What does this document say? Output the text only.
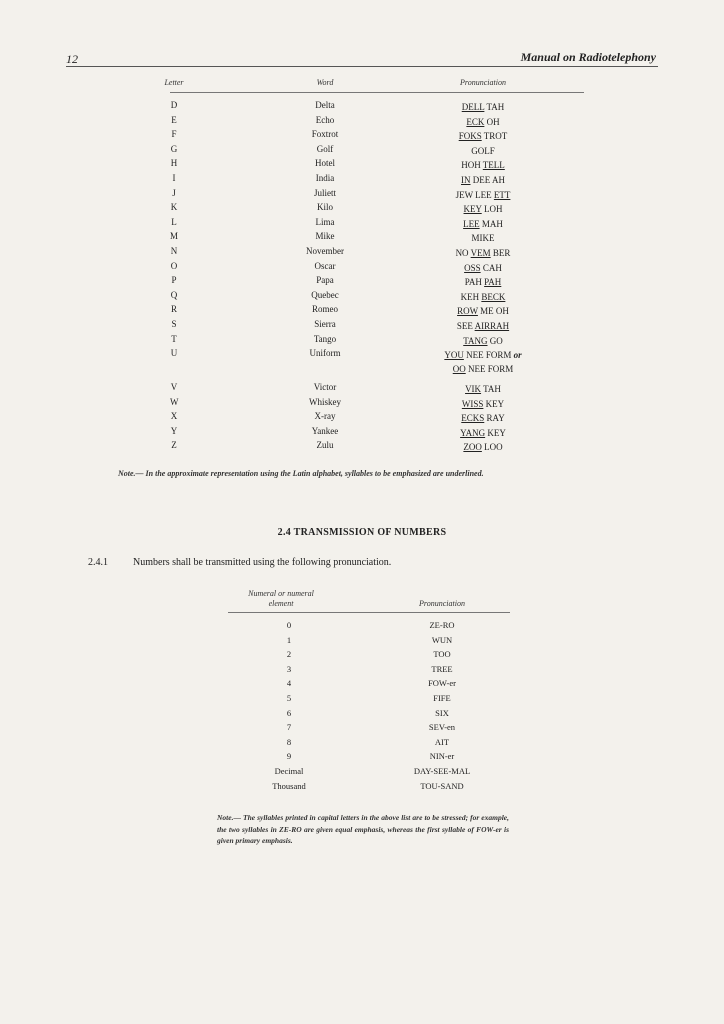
12	Manual on Radiotelephony
Letter	Word	Pronunciation
D	Delta	DELL TAH
E	Echo	ECK OH
F	Foxtrot	FOKS TROT
G	Golf	GOLF
H	Hotel	HOH TELL
I	India	IN DEE AH
J	Juliett	JEW LEE ETT
K	Kilo	KEY LOH
L	Lima	LEE MAH
M	Mike	MIKE
N	November	NO VEM BER
O	Oscar	OSS CAH
P	Papa	PAH PAH
Q	Quebec	KEH BECK
R	Romeo	ROW ME OH
S	Sierra	SEE AIRRAH
T	Tango	TANG GO
U	Uniform	YOU NEE FORM or
OO NEE FORM
V	Victor	VIK TAH
W	Whiskey	WISS KEY
X	X-ray	ECKS RAY
Y	Yankee	YANG KEY
Z	Zulu	ZOO LOO
Note.— In the approximate representation using the Latin alphabet, syllables to be emphasized are underlined.
2.4 TRANSMISSION OF NUMBERS
2.4.1	Numbers shall be transmitted using the following pronunciation.
Numeral or numeral
element	Pronunciation
0	ZE-RO
1	WUN
2	TOO
3	TREE
4	FOW-er
5	FIFE
6	SIX
7	SEV-en
8	AIT
9	NIN-er
Decimal	DAY-SEE-MAL
Thousand	TOU-SAND
Note.— The syllables printed in capital letters in the above list are to be stressed; for example, the two syllables in ZE-RO are given equal emphasis, whereas the first syllable of FOW-er is given primary emphasis.
